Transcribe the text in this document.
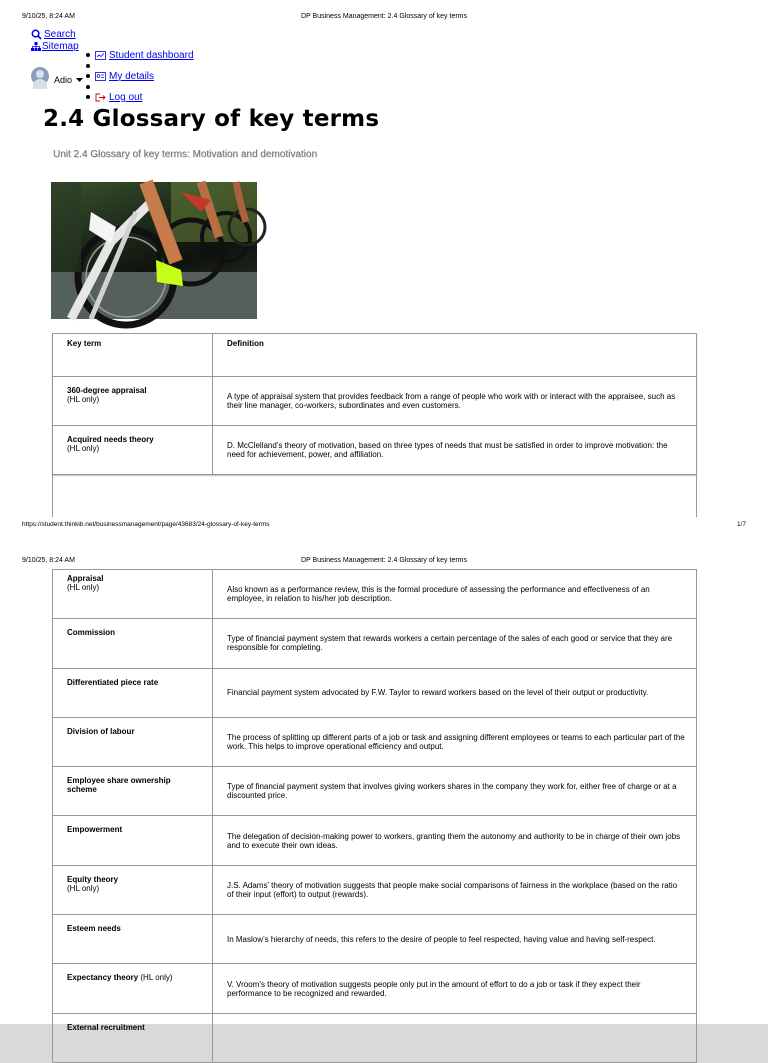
9/10/25, 8:24 AM	DP Business Management: 2.4 Glossary of key terms
Search
Sitemap
Student dashboard
My details
Log out
Adio
2.4 Glossary of key terms
Unit 2.4 Glossary of key terms: Motivation and demotivation
Key term	Definition

360-degree appraisal
(HL only)	A type of appraisal system that provides feedback from a range of people who work with or interact with the appraisee, such as their line manager, co-workers, subordinates and even customers.

Acquired needs theory
(HL only)	D. McClelland’s theory of motivation, based on three types of needs that must be satisfied in order to improve motivation: the need for achievement, power, and affiliation.
https://student.thinkib.net/businessmanagement/page/43683/24-glossary-of-key-terms	1/7
9/10/25, 8:24 AM	DP Business Management: 2.4 Glossary of key terms
Appraisal
(HL only)	Also known as a performance review, this is the formal procedure of assessing the performance and effectiveness of an employee, in relation to his/her job description.

Commission	Type of financial payment system that rewards workers a certain percentage of the sales of each good or service that they are responsible for completing.

Differentiated piece rate	Financial payment system advocated by F.W. Taylor to reward workers based on the level of their output or productivity.

Division of labour	The process of splitting up different parts of a job or task and assigning different employees or teams to each particular part of the work. This helps to improve operational efficiency and output.

Employee share ownership scheme	Type of financial payment system that involves giving workers shares in the company they work for, either free of charge or at a discounted price.

Empowerment	The delegation of decision-making power to workers, granting them the autonomy and authority to be in charge of their own jobs and to execute their own ideas.

Equity theory
(HL only)	J.S. Adams’ theory of motivation suggests that people make social comparisons of fairness in the workplace (based on the ratio of their input (effort) to output (rewards).

Esteem needs	In Maslow’s hierarchy of needs, this refers to the desire of people to feel respected, having value and having self-respect.
Expectancy theory (HL only)	V. Vroom’s theory of motivation suggests people only put in the amount of effort to do a job or task if they expect their performance to be recognized and rewarded.

External recruitment	
